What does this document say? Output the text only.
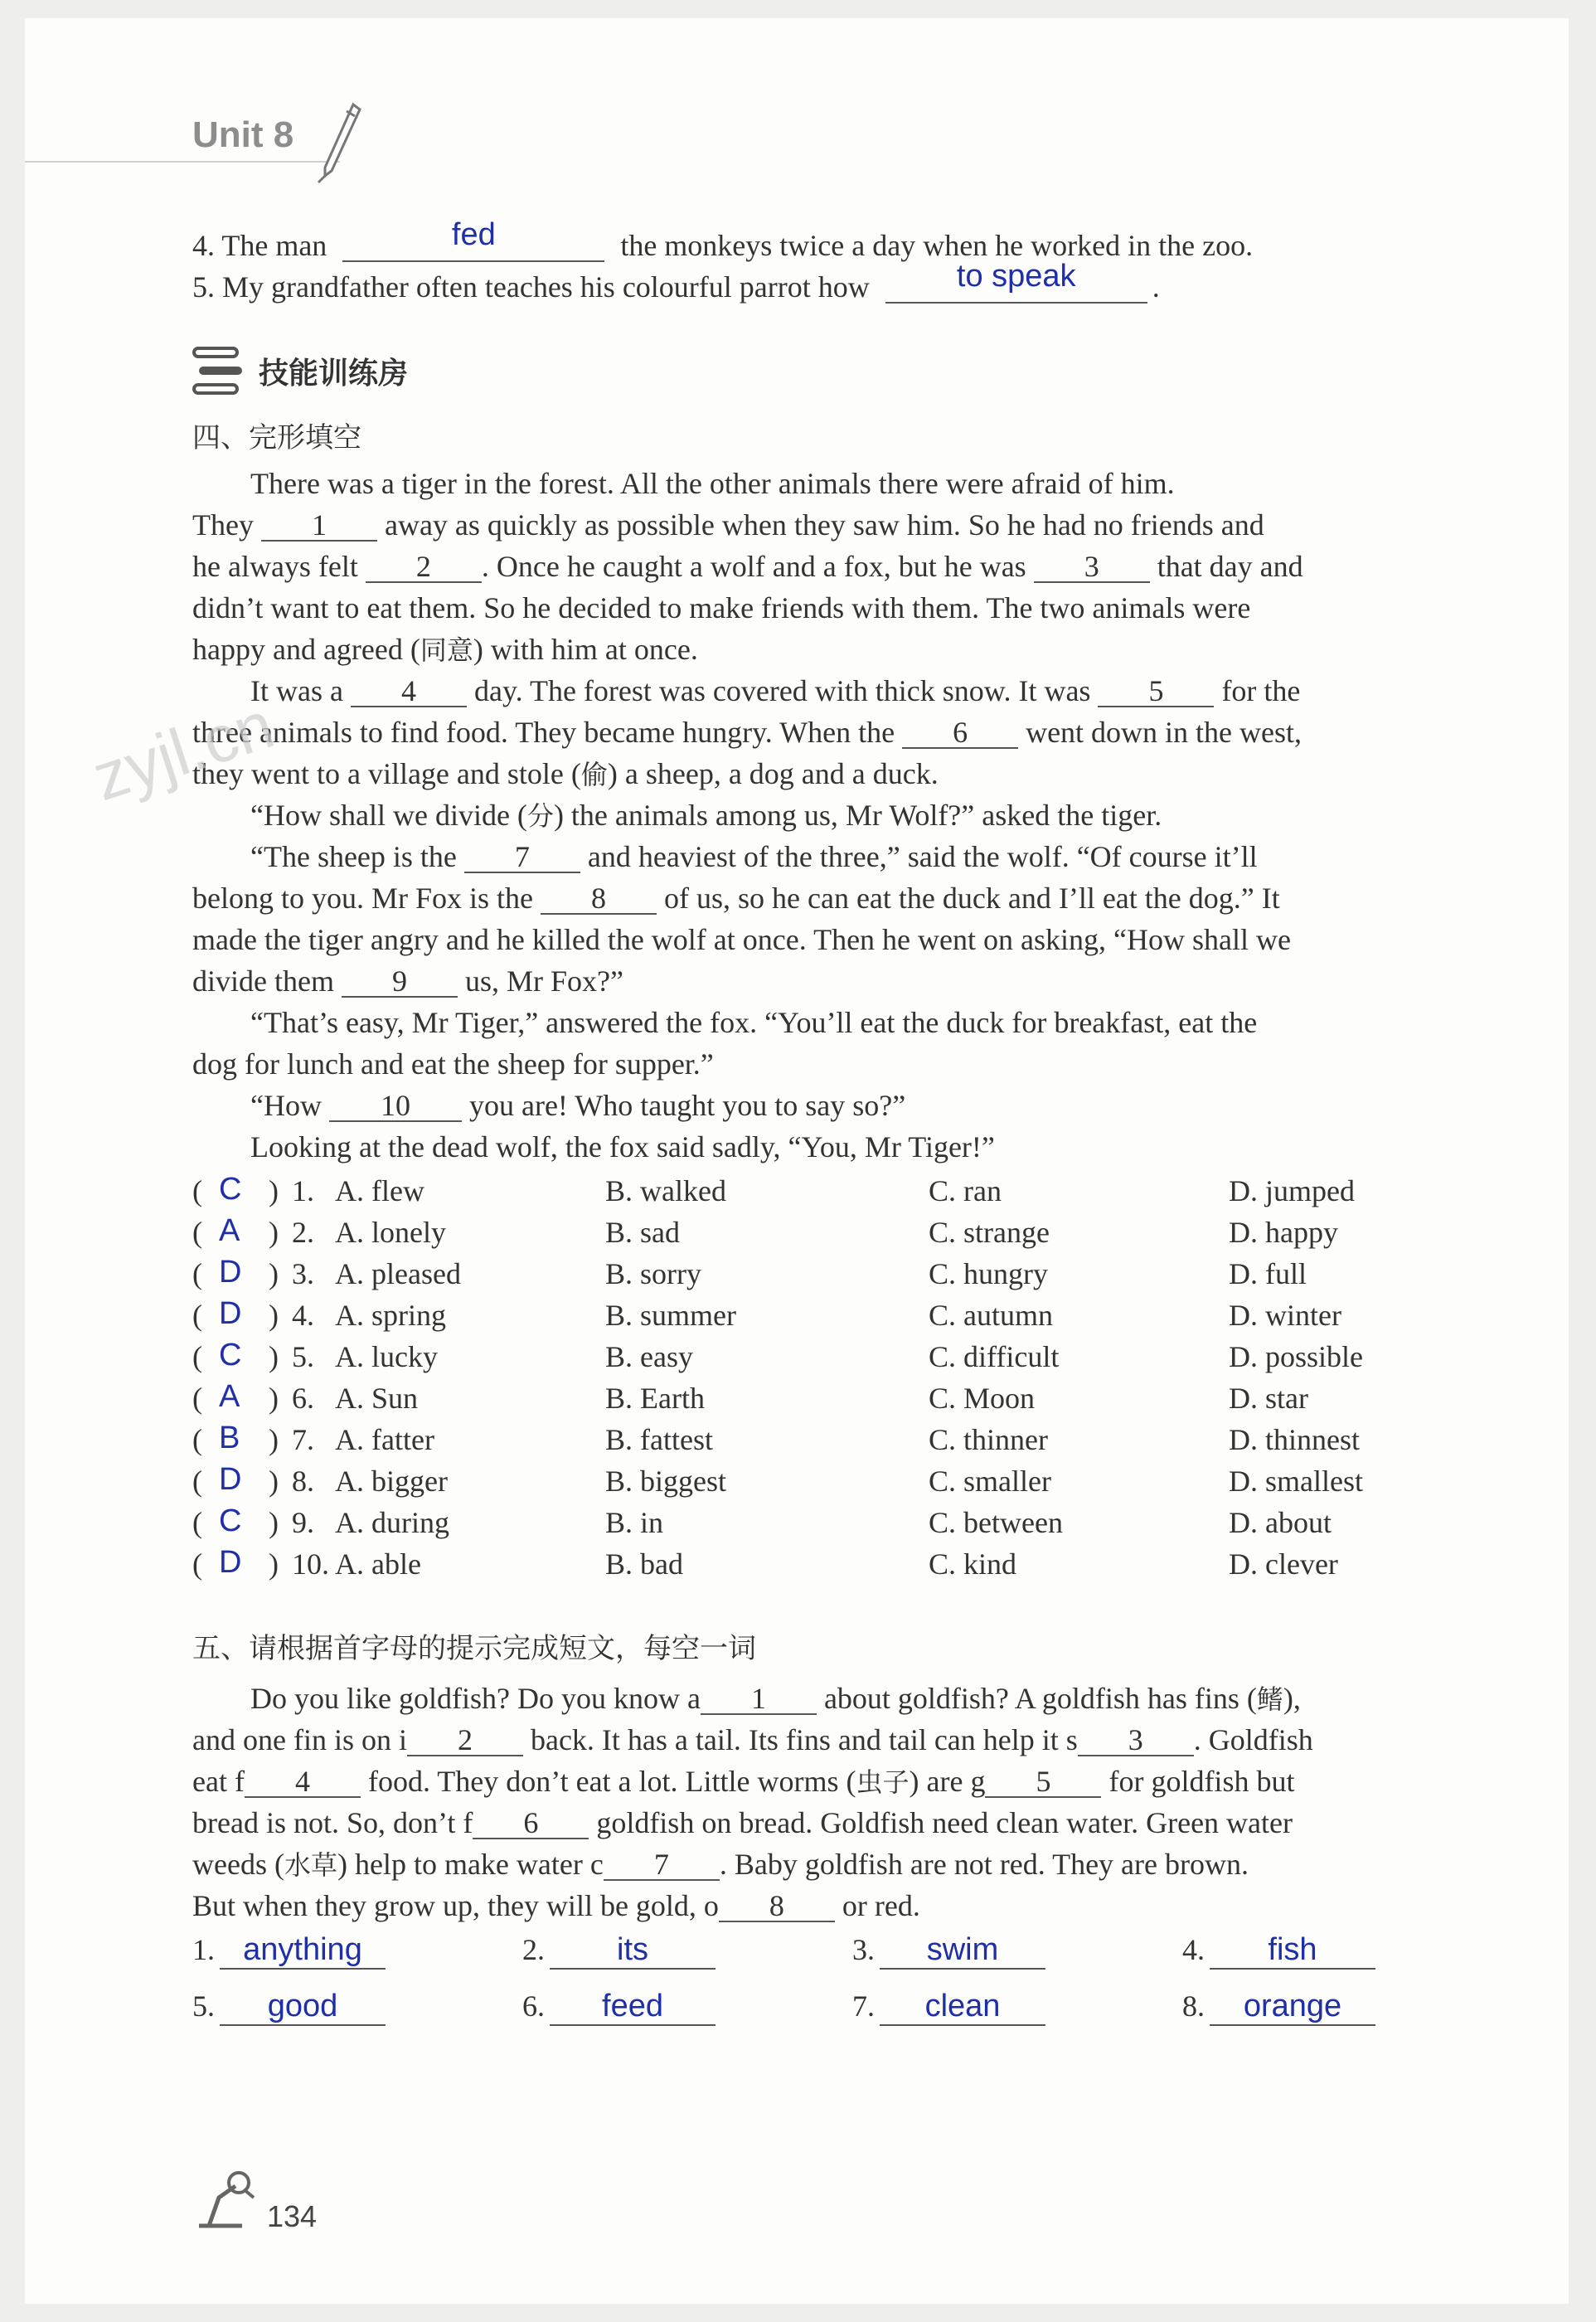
Unit 8
4. The man	fed	the monkeys twice a day when he worked in the zoo.
5. My grandfather often teaches his colourful parrot how	to speak	.
技能训练房
四、完形填空
There was a tiger in the forest. All the other animals there were afraid of him.
They 1 away as quickly as possible when they saw him. So he had no friends and
he always felt 2 . Once he caught a wolf and a fox, but he was 3 that day and
didn’t want to eat them. So he decided to make friends with them. The two animals were
happy and agreed (同意) with him at once.
It was a 4 day. The forest was covered with thick snow. It was 5 for the
three animals to find food. They became hungry. When the 6 went down in the west,
they went to a village and stole (偷) a sheep, a dog and a duck.
“How shall we divide (分) the animals among us, Mr Wolf?” asked the tiger.
“The sheep is the 7 and heaviest of the three,” said the wolf. “Of course it’ll
belong to you. Mr Fox is the 8 of us, so he can eat the duck and I’ll eat the dog.” It
made the tiger angry and he killed the wolf at once. Then he went on asking, “How shall we
divide them 9 us, Mr Fox?”
“That’s easy, Mr Tiger,” answered the fox. “You’ll eat the duck for breakfast, eat the
dog for lunch and eat the sheep for supper.”
“How 10 you are! Who taught you to say so?”
Looking at the dead wolf, the fox said sadly, “You, Mr Tiger!”
( C ) 1. A. flew	B. walked	C. ran	D. jumped
( A ) 2. A. lonely	B. sad	C. strange	D. happy
( D ) 3. A. pleased	B. sorry	C. hungry	D. full
( D ) 4. A. spring	B. summer	C. autumn	D. winter
( C ) 5. A. lucky	B. easy	C. difficult	D. possible
( A ) 6. A. Sun	B. Earth	C. Moon	D. star
( B ) 7. A. fatter	B. fattest	C. thinner	D. thinnest
( D ) 8. A. bigger	B. biggest	C. smaller	D. smallest
( C ) 9. A. during	B. in	C. between	D. about
( D ) 10. A. able	B. bad	C. kind	D. clever
五、请根据首字母的提示完成短文，每空一词
Do you like goldfish? Do you know a 1 about goldfish? A goldfish has fins (鳍),
and one fin is on i 2 back. It has a tail. Its fins and tail can help it s 3 . Goldfish
eat f 4 food. They don’t eat a lot. Little worms (虫子) are g 5 for goldfish but
bread is not. So, don’t f 6 goldfish on bread. Goldfish need clean water. Green water
weeds (水草) help to make water c 7 . Baby goldfish are not red. They are brown.
But when they grow up, they will be gold, o 8 or red.
1. anything	2. its	3. swim	4. fish
5. good	6. feed	7. clean	8. orange
zyjl.cn
134
